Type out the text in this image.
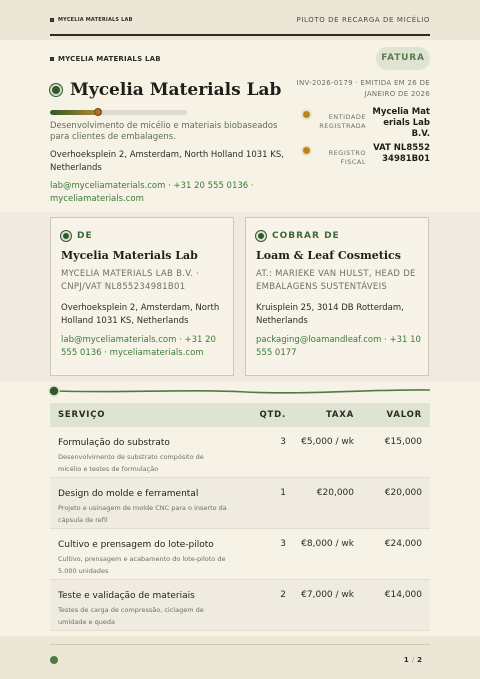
MYCELIA MATERIALS LAB	PILOTO DE RECARGA DE MICÉLIO
MYCELIA MATERIALS LAB
Mycelia Materials Lab
Desenvolvimento de micélio e materiais biobaseados para clientes de embalagens.
Overhoeksplein 2, Amsterdam, North Holland 1031 KS, Netherlands
lab@myceliamaterials.com · +31 20 555 0136 · myceliamaterials.com
FATURA
INV-2026-0179 · EMITIDA EM 26 DE JANEIRO DE 2026
ENTIDADE REGISTRADA
Mycelia Materials Lab B.V.
REGISTRO FISCAL
VAT NL855234981B01
DE
Mycelia Materials Lab
MYCELIA MATERIALS LAB B.V. · CNPJ/VAT NL855234981B01
Overhoeksplein 2, Amsterdam, North Holland 1031 KS, Netherlands
lab@myceliamaterials.com · +31 20 555 0136 · myceliamaterials.com
COBRAR DE
Loam & Leaf Cosmetics
AT.: MARIEKE VAN HULST, HEAD DE EMBALAGENS SUSTENTÁVEIS
Kruisplein 25, 3014 DB Rotterdam, Netherlands
packaging@loamandleaf.com · +31 10 555 0177
SERVIÇO	QTD.	TAXA	VALOR
Formulação do substrato
Desenvolvimento de substrato compósito de micélio e testes de formulação
3	€5,000 / wk	€15,000
Design do molde e ferramental
Projeto e usinagem de molde CNC para o inserto da cápsula de refil
1	€20,000	€20,000
Cultivo e prensagem do lote-piloto
Cultivo, prensagem e acabamento do lote-piloto de 5.000 unidades
3	€8,000 / wk	€24,000
Teste e validação de materiais
Testes de carga de compressão, ciclagem de umidade e queda
2	€7,000 / wk	€14,000
1 / 2
